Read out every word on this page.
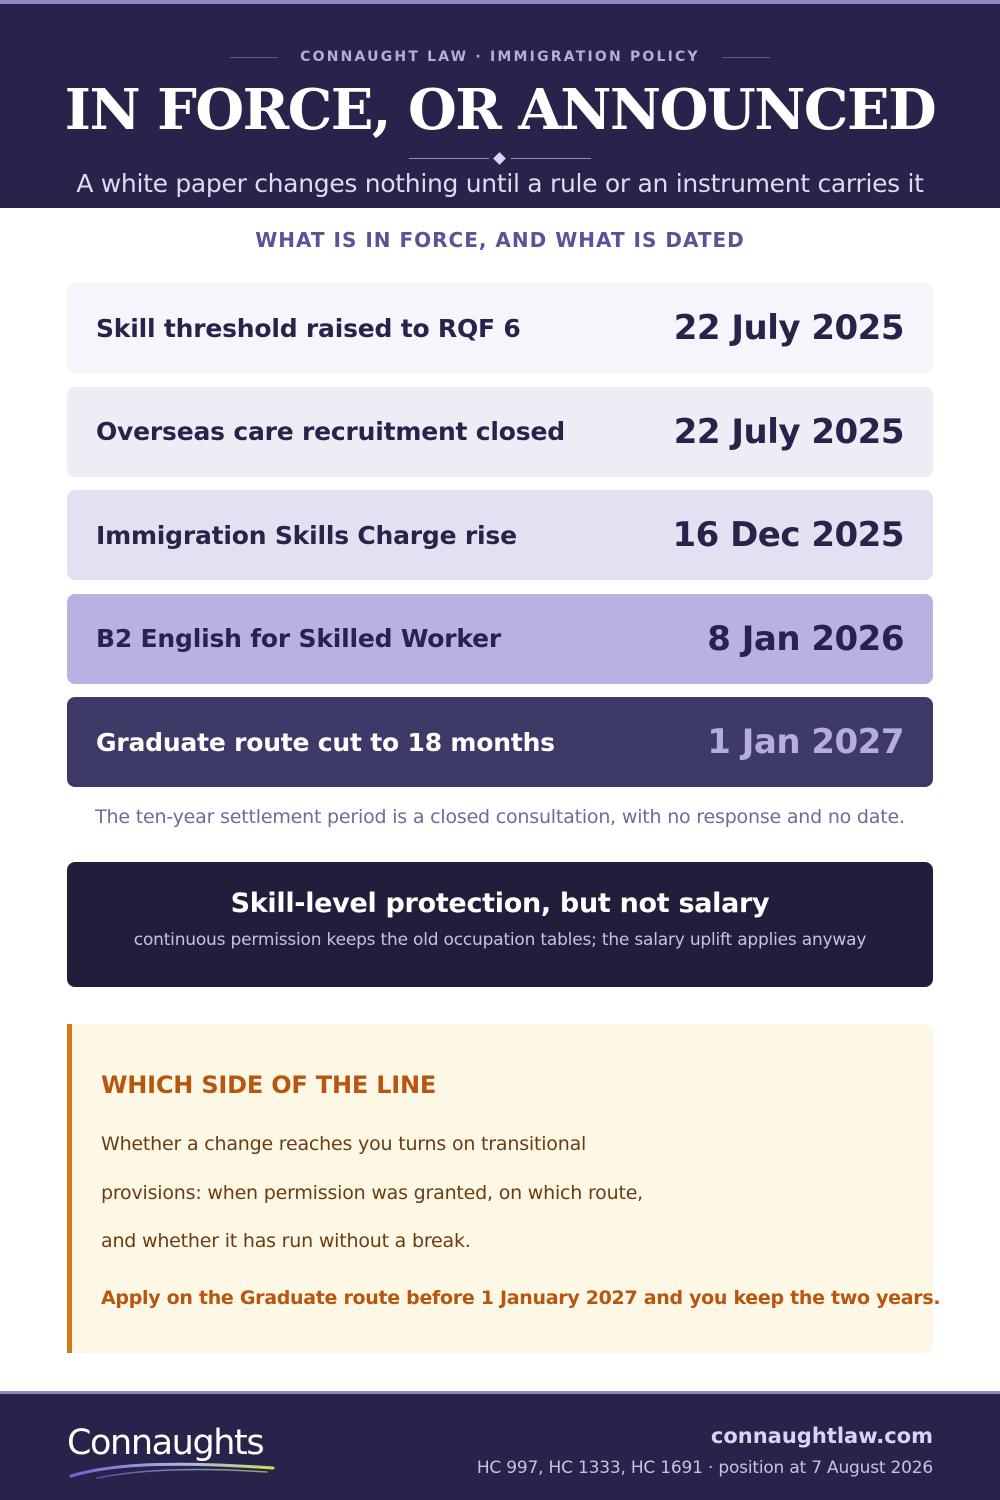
CONNAUGHT LAW · IMMIGRATION POLICY
IN FORCE, OR ANNOUNCED

A white paper changes nothing until a rule or an instrument carries it

WHAT IS IN FORCE, AND WHAT IS DATED
Skill threshold raised to RQF 6	22 July 2025
Overseas care recruitment closed	22 July 2025
Immigration Skills Charge rise	16 Dec 2025
B2 English for Skilled Worker	8 Jan 2026
Graduate route cut to 18 months	1 Jan 2027

The ten-year settlement period is a closed consultation, with no response and no date.

Skill-level protection, but not salary
continuous permission keeps the old occupation tables; the salary uplift applies anyway
WHICH SIDE OF THE LINE
Whether a change reaches you turns on transitional
provisions: when permission was granted, on which route,
and whether it has run without a break.
Apply on the Graduate route before 1 January 2027 and you keep the two years.
Connaughts	connaughtlaw.com
HC 997, HC 1333, HC 1691 · position at 7 August 2026
